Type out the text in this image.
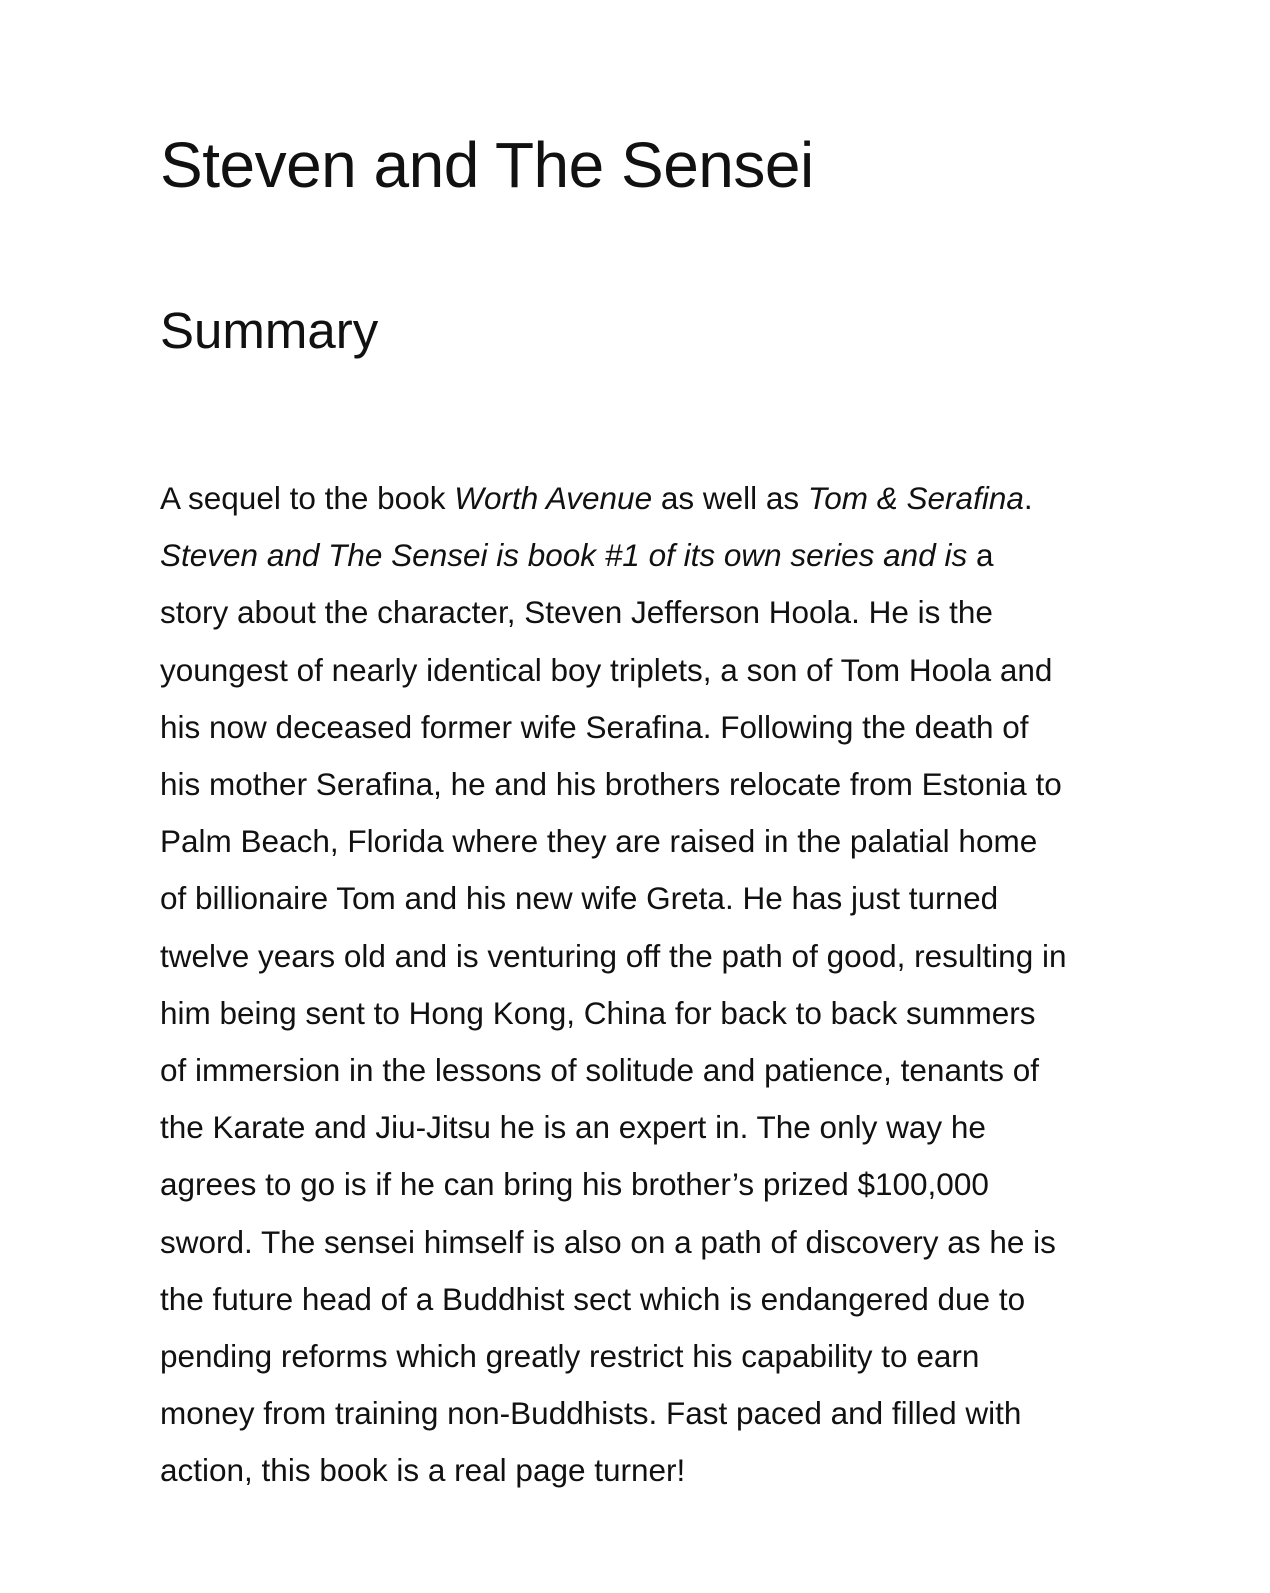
Steven and The Sensei
Summary

A sequel to the book Worth Avenue as well as Tom & Serafina.
Steven and The Sensei is book #1 of its own series and is a
story about the character, Steven Jefferson Hoola. He is the
youngest of nearly identical boy triplets, a son of Tom Hoola and
his now deceased former wife Serafina. Following the death of
his mother Serafina, he and his brothers relocate from Estonia to
Palm Beach, Florida where they are raised in the palatial home
of billionaire Tom and his new wife Greta. He has just turned
twelve years old and is venturing off the path of good, resulting in
him being sent to Hong Kong, China for back to back summers
of immersion in the lessons of solitude and patience, tenants of
the Karate and Jiu-Jitsu he is an expert in. The only way he
agrees to go is if he can bring his brother’s prized $100,000
sword. The sensei himself is also on a path of discovery as he is
the future head of a Buddhist sect which is endangered due to
pending reforms which greatly restrict his capability to earn
money from training non-Buddhists. Fast paced and filled with
action, this book is a real page turner!
